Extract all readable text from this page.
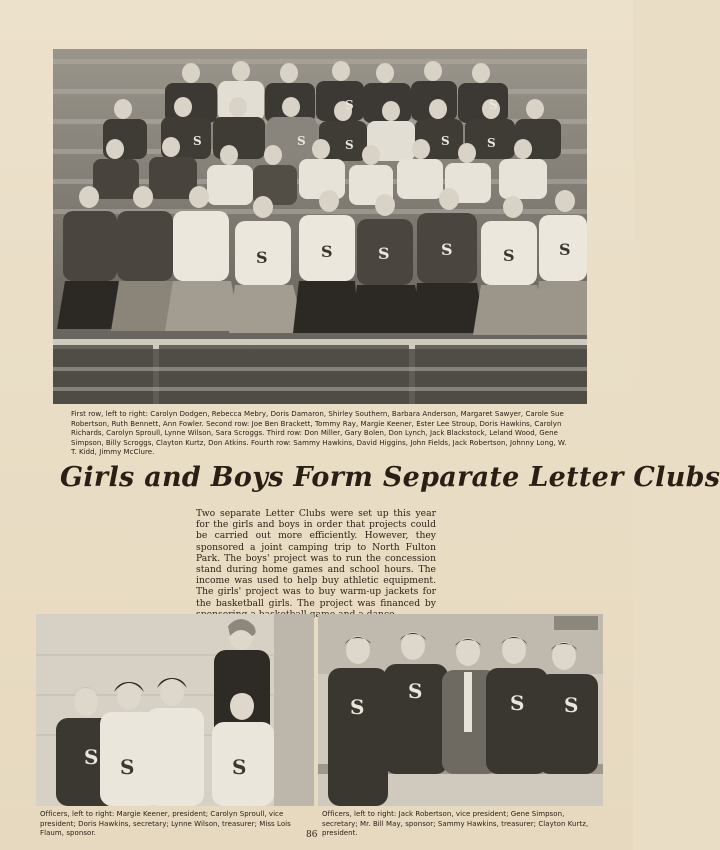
S	S	S	S	S	S
S	S	S	S	S
S	S
First row, left to right: Carolyn Dodgen, Rebecca Mebry, Doris Damaron, Shirley Southern, Barbara Anderson, Margaret Sawyer, Carole Sue Robertson, Ruth Bennett, Ann Fowler. Second row: Joe Ben Brackett, Tommy Ray, Margie Keener, Ester Lee Stroup, Doris Hawkins, Carolyn Richards, Carolyn Sproull, Lynne Wilson, Sara Scroggs. Third row: Don Miller, Gary Bolen, Don Lynch, Jack Blackstock, Leland Wood, Gene Simpson, Billy Scroggs, Clayton Kurtz, Don Atkins. Fourth row: Sammy Hawkins, David Higgins, John Fields, Jack Robertson, Johnny Long, W. T. Kidd, Jimmy McClure.
Girls and Boys Form Separate Letter Clubs
Two separate Letter Clubs were set up this year for the girls and boys in order that projects could be carried out more efficiently. However, they sponsored a joint camping trip to North Fulton Park. The boys' project was to run the concession stand during home games and school hours. The income was used to help buy athletic equipment. The girls' project was to buy warm-up jackets for the basketball girls. The project was financed by
S S	S
S
S	S S
Officers, left to right: Margie Keener, president; Carolyn Sproull, vice president; Doris Hawkins, secretary; Lynne Wilson, treasurer; Miss Lois Flaum, sponsor.
Officers, left to right: Jack Robertson, vice president; Gene Simpson, secretary; Mr. Bill May, sponsor; Sammy Hawkins, treasurer; Clayton Kurtz, president.
86
